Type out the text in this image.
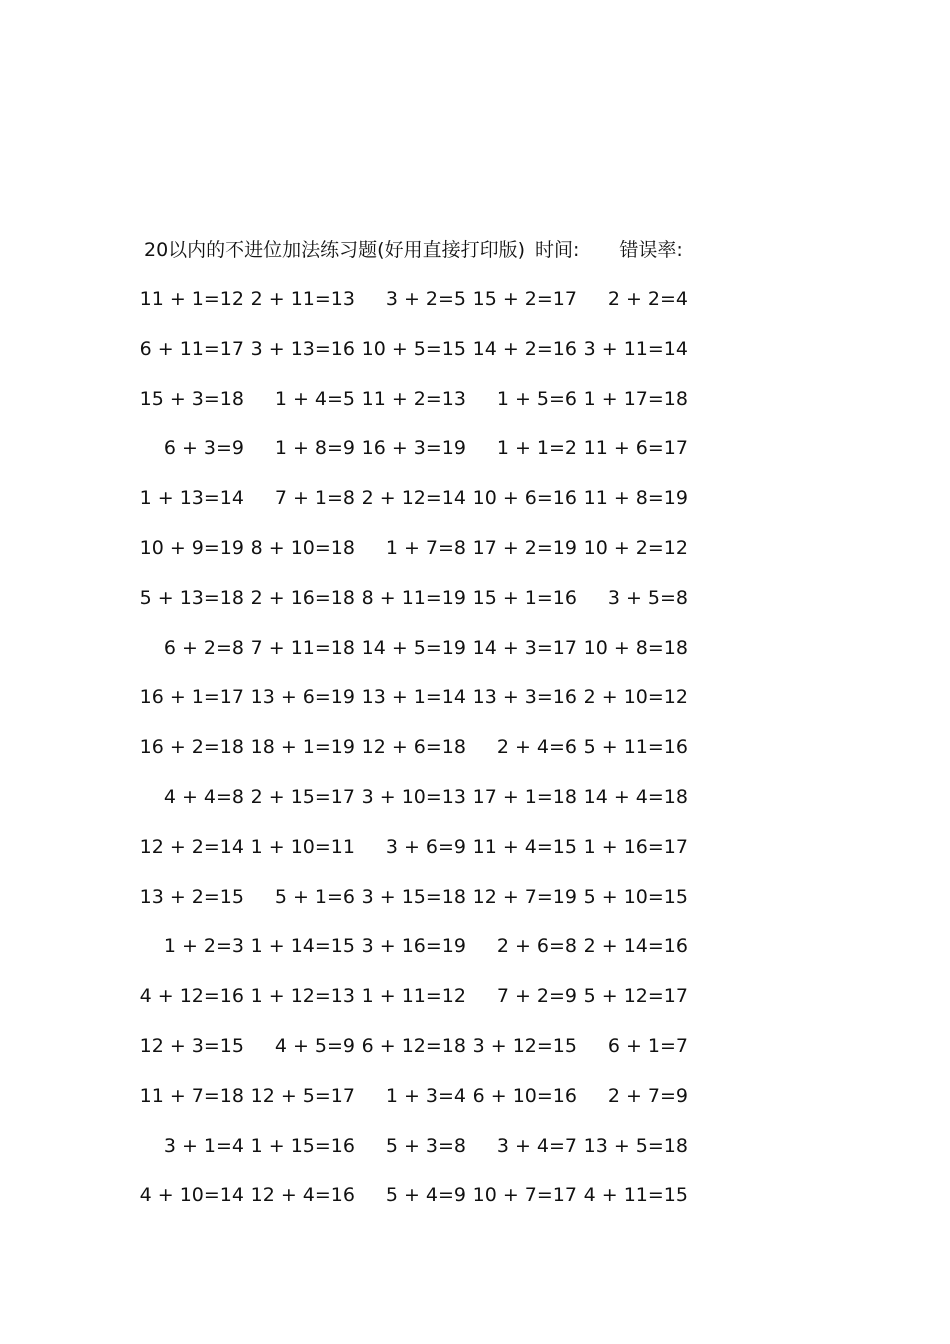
20以内的不进位加法练习题(好用直接打印版) 时间: 错误率:
11 + 1=12 2 + 11=13	3 + 2=5 15 + 2=17	2 + 2=4
6 + 11=17 3 + 13=16 10 + 5=15 14 + 2=16 3 + 11=14
15 + 3=18	1 + 4=5 11 + 2=13	1 + 5=6 1 + 17=18
6 + 3=9	1 + 8=9 16 + 3=19	1 + 1=2 11 + 6=17
1 + 13=14	7 + 1=8 2 + 12=14 10 + 6=16 11 + 8=19
10 + 9=19 8 + 10=18	1 + 7=8 17 + 2=19 10 + 2=12
5 + 13=18 2 + 16=18 8 + 11=19 15 + 1=16	3 + 5=8
6 + 2=8 7 + 11=18 14 + 5=19 14 + 3=17 10 + 8=18
16 + 1=17 13 + 6=19 13 + 1=14 13 + 3=16 2 + 10=12
16 + 2=18 18 + 1=19 12 + 6=18	2 + 4=6 5 + 11=16
4 + 4=8 2 + 15=17 3 + 10=13 17 + 1=18 14 + 4=18
12 + 2=14 1 + 10=11	3 + 6=9 11 + 4=15 1 + 16=17
13 + 2=15	5 + 1=6 3 + 15=18 12 + 7=19 5 + 10=15
1 + 2=3 1 + 14=15 3 + 16=19	2 + 6=8 2 + 14=16
4 + 12=16 1 + 12=13 1 + 11=12	7 + 2=9 5 + 12=17
12 + 3=15	4 + 5=9 6 + 12=18 3 + 12=15	6 + 1=7
11 + 7=18 12 + 5=17	1 + 3=4 6 + 10=16	2 + 7=9
3 + 1=4 1 + 15=16	5 + 3=8	3 + 4=7 13 + 5=18
4 + 10=14 12 + 4=16	5 + 4=9 10 + 7=17 4 + 11=15
